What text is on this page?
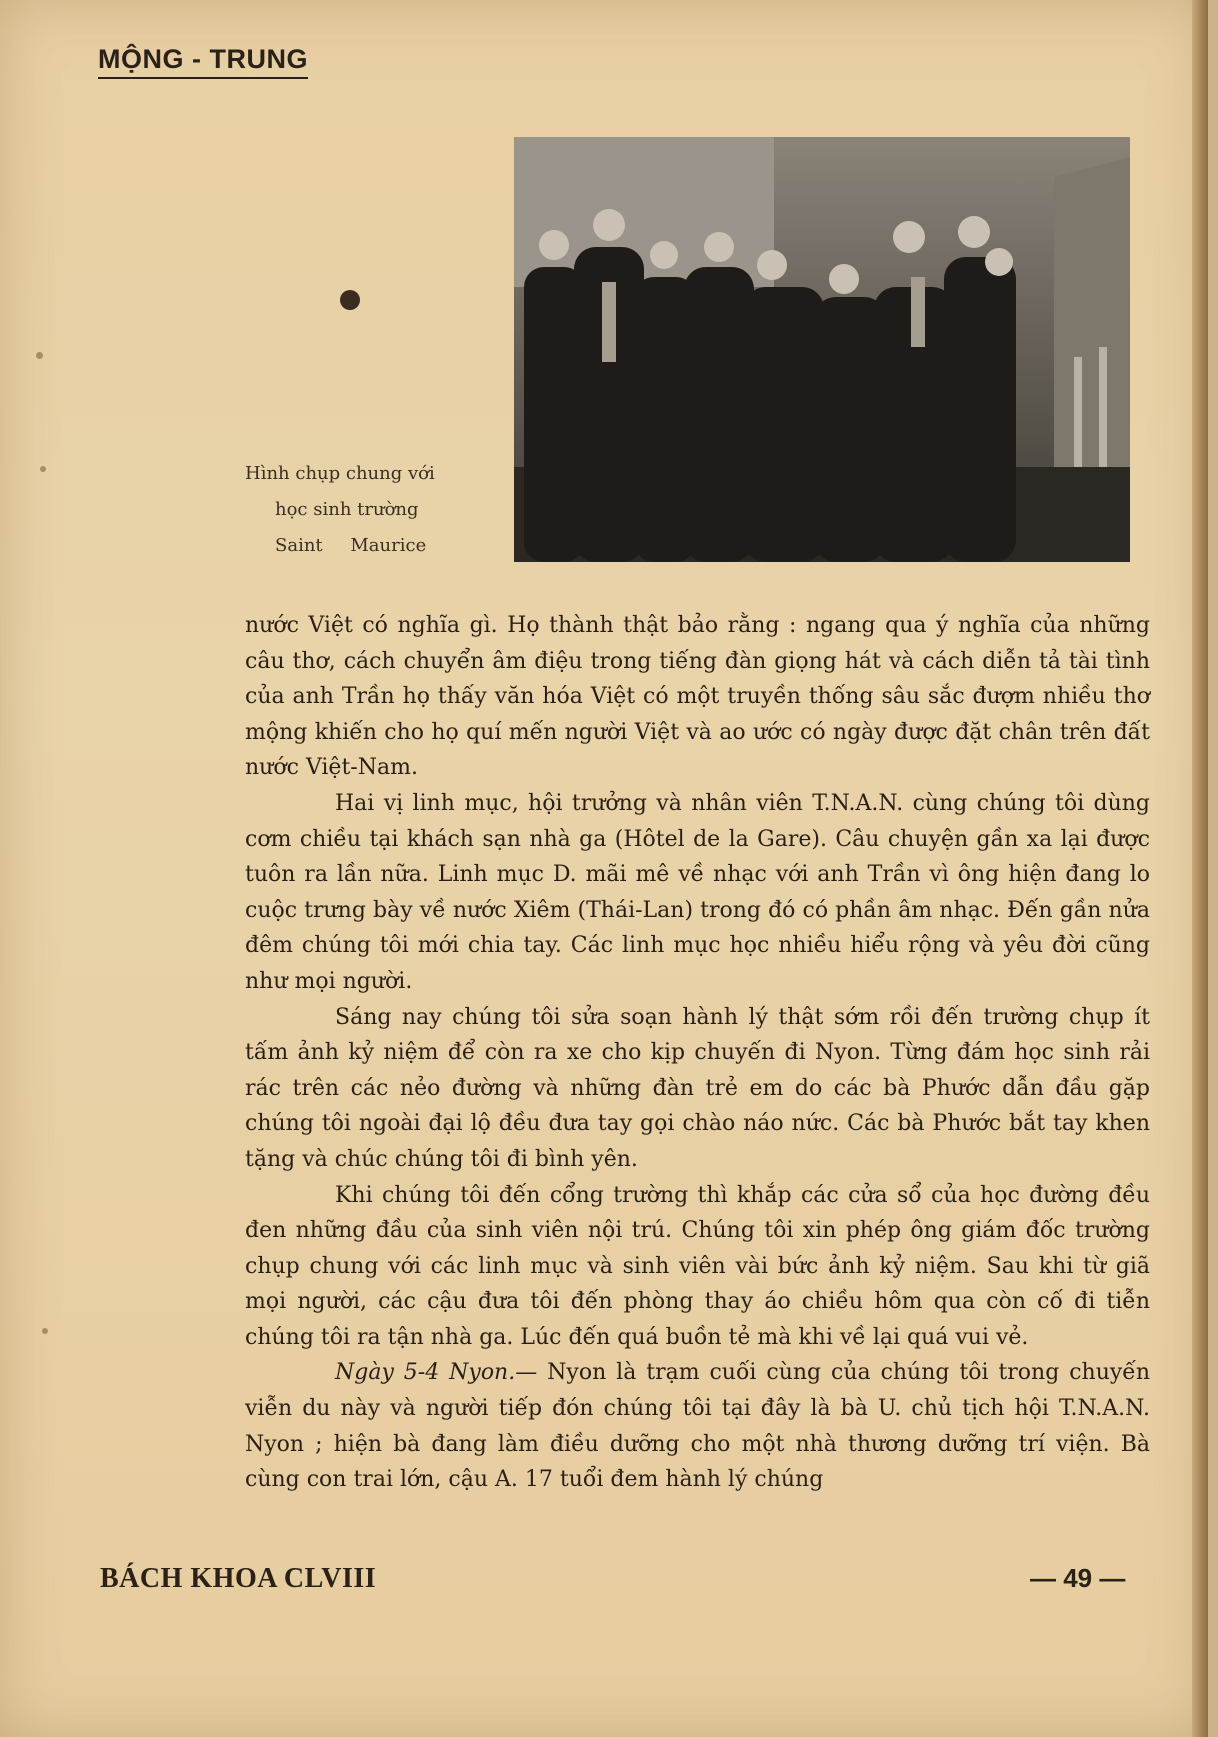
MỘNG - TRUNG
Hình chụp chung với
học sinh trường
Saint Maurice

nước Việt có nghĩa gì. Họ thành thật bảo rằng : ngang qua ý nghĩa của những câu thơ, cách chuyển âm điệu trong tiếng đàn giọng hát và cách diễn tả tài tình của anh Trần họ thấy văn hóa Việt có một truyền thống sâu sắc đượm nhiều thơ mộng khiến cho họ quí mến người Việt và ao ước có ngày được đặt chân trên đất nước Việt-Nam.

Hai vị linh mục, hội trưởng và nhân viên T.N.A.N. cùng chúng tôi dùng cơm chiều tại khách sạn nhà ga (Hôtel de la Gare). Câu chuyện gần xa lại được tuôn ra lần nữa. Linh mục D. mãi mê về nhạc với anh Trần vì ông hiện đang lo cuộc trưng bày về nước Xiêm (Thái-Lan) trong đó có phần âm nhạc. Đến gần nửa đêm chúng tôi mới chia tay. Các linh mục học nhiều hiểu rộng và yêu đời cũng như mọi người.

Sáng nay chúng tôi sửa soạn hành lý thật sớm rồi đến trường chụp ít tấm ảnh kỷ niệm để còn ra xe cho kịp chuyến đi Nyon. Từng đám học sinh rải rác trên các nẻo đường và những đàn trẻ em do các bà Phước dẫn đầu gặp chúng tôi ngoài đại lộ đều đưa tay gọi chào náo nức. Các bà Phước bắt tay khen tặng và chúc chúng tôi đi bình yên.

Khi chúng tôi đến cổng trường thì khắp các cửa sổ của học đường đều đen những đầu của sinh viên nội trú. Chúng tôi xin phép ông giám đốc trường chụp chung với các linh mục và sinh viên vài bức ảnh kỷ niệm. Sau khi từ giã mọi người, các cậu đưa tôi đến phòng thay áo chiều hôm qua còn cố đi tiễn chúng tôi ra tận nhà ga. Lúc đến quá buồn tẻ mà khi về lại quá vui vẻ.

Ngày 5-4 Nyon.— Nyon là trạm cuối cùng của chúng tôi trong chuyến viễn du này và người tiếp đón chúng tôi tại đây là bà U. chủ tịch hội T.N.A.N. Nyon ; hiện bà đang làm điều dưỡng cho một nhà thương dưỡng trí viện. Bà cùng con trai lớn, cậu A. 17 tuổi đem hành lý chúng

BÁCH KHOA CLVIII	— 49 —
